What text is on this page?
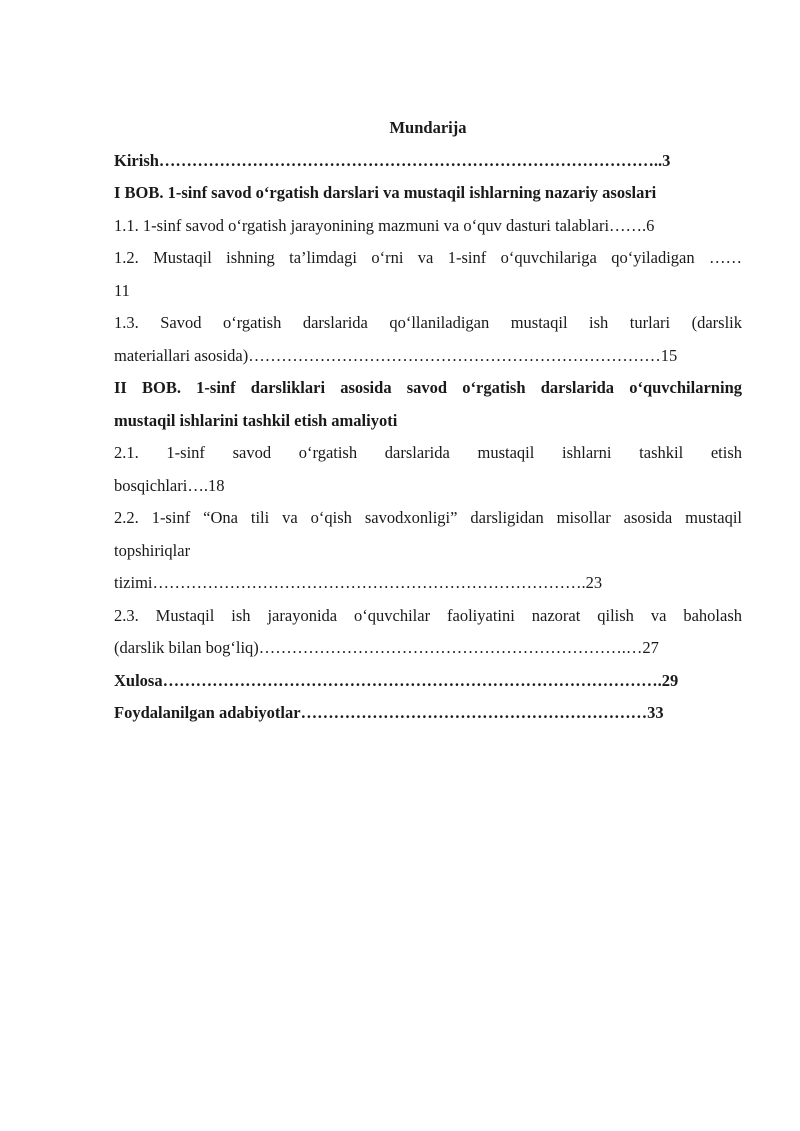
Mundarija
Kirish………………………………………………………………………………..3
I BOB. 1-sinf savod o‘rgatish darslari va mustaqil ishlarning nazariy asoslari
1.1. 1-sinf savod o‘rgatish jarayonining mazmuni va o‘quv dasturi talablari…….6
1.2. Mustaqil ishning ta’limdagi o‘rni va 1-sinf o‘quvchilariga qo‘yiladigan ……
11
1.3. Savod o‘rgatish darslarida qo‘llaniladigan mustaqil ish turlari (darslik
materiallari asosida)…………………………………………………………………15
II BOB. 1-sinf darsliklari asosida savod o‘rgatish darslarida o‘quvchilarning
mustaqil ishlarini tashkil etish amaliyoti
2.1. 1-sinf savod o‘rgatish darslarida mustaqil ishlarni tashkil etish
bosqichlari….18
2.2. 1-sinf “Ona tili va o‘qish savodxonligi” darsligidan misollar asosida mustaqil
topshiriqlar
tizimi…………………………………………………………………….23
2.3. Mustaqil ish jarayonida o‘quvchilar faoliyatini nazorat qilish va baholash
(darslik bilan bog‘liq)………………………………………………………….…27
Xulosa……………………………………………………………………………….29
Foydalanilgan adabiyotlar………………………………………………………33
